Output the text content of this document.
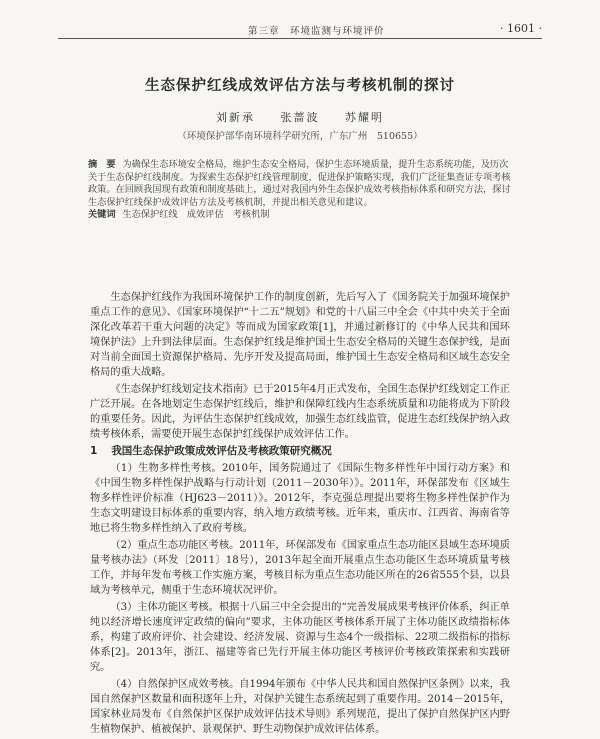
第三章　环境监测与环境评价	· 1601 ·
生态保护红线成效评估方法与考核机制的探讨
刘新承 张蔷波 苏耀明
（环境保护部华南环境科学研究所，广东广州　510655）

摘　要 为确保生态环境安全格局，维护生态安全格局，保护生态环境质量，提升生态系统功能，及历次关于生态保护红线制度。为探索生态保护红线管理制度，促进保护策略实现，我们广泛征集查证专项考核政策。在回顾我国现有政策和制度基础上，通过对我国内外生态保护成效考核指标体系和研究方法，探讨生态保护红线保护成效评估方法及考核机制，并提出相关意见和建议。

关键词 生态保护红线　成效评估　考核机制

生态保护红线作为我国环境保护工作的制度创新，先后写入了《国务院关于加强环境保护重点工作的意见》、《国家环境保护“十二五”规划》和党的十八届三中全会《中共中央关于全面深化改革若干重大问题的决定》等而成为国家政策[1]，并通过新修订的《中华人民共和国环境保护法》上升到法律层面。生态保护红线是维护国土生态安全格局的关键生态保护线，是面对当前全面国土资源保护格局、先序开发及提高局面，维护国土生态安全格局和区域生态安全格局的重大战略。

《生态保护红线划定技术指南》已于2015年4月正式发布，全国生态保护红线划定工作正广泛开展。在各地划定生态保护红线后，维护和保障红线内生态系统质量和功能将成为下阶段的重要任务。因此，为评估生态保护红线成效，加强生态红线监管，促进生态红线保护纳入政绩考核体系，需要使开展生态保护红线保护成效评估工作。

1 我国生态保护政策成效评估及考核政策研究概况

（1）生物多样性考核。2010年，国务院通过了《国际生物多样性年中国行动方案》和《中国生物多样性保护战略与行动计划（2011－2030年）》。2011年，环保部发布《区域生物多样性评价标准（HJ623－2011）》。2012年，李克强总理提出要将生物多样性保护作为生态文明建设目标体系的重要内容，纳入地方政绩考核。近年来，重庆市、江西省、海南省等地已将生物多样性纳入了政府考核。

（2）重点生态功能区考核。2011年，环保部发布《国家重点生态功能区县域生态环境质量考核办法》（环发〔2011〕18号），2013年起全面开展重点生态功能区生态环境质量考核工作，并每年发布考核工作实施方案，考核目标为重点生态功能区所在的26省555个县，以县域为考核单元，侧重于生态环境状况评价。

（3）主体功能区考核。根据十八届三中全会提出的“完善发展成果考核评价体系，纠正单纯以经济增长速度评定政绩的偏向”要求，主体功能区考核体系开展了主体功能区政绩指标体系，构建了政府评价、社会建设、经济发展、资源与生态4个一级指标、22项二级指标的指标体系[2]。2013年，浙江、福建等省已先行开展主体功能区考核评价考核政策探索和实践研究。

（4）自然保护区成效考核。自1994年颁布《中华人民共和国自然保护区条例》以来，我国自然保护区数量和面积逐年上升，对保护关键生态系统起到了重要作用。2014－2015年，国家林业局发布《自然保护区保护成效评估技术导则》系列规范，提出了保护自然保护区内野生植物保护、植被保护、景观保护、野生动物保护成效评估体系。
